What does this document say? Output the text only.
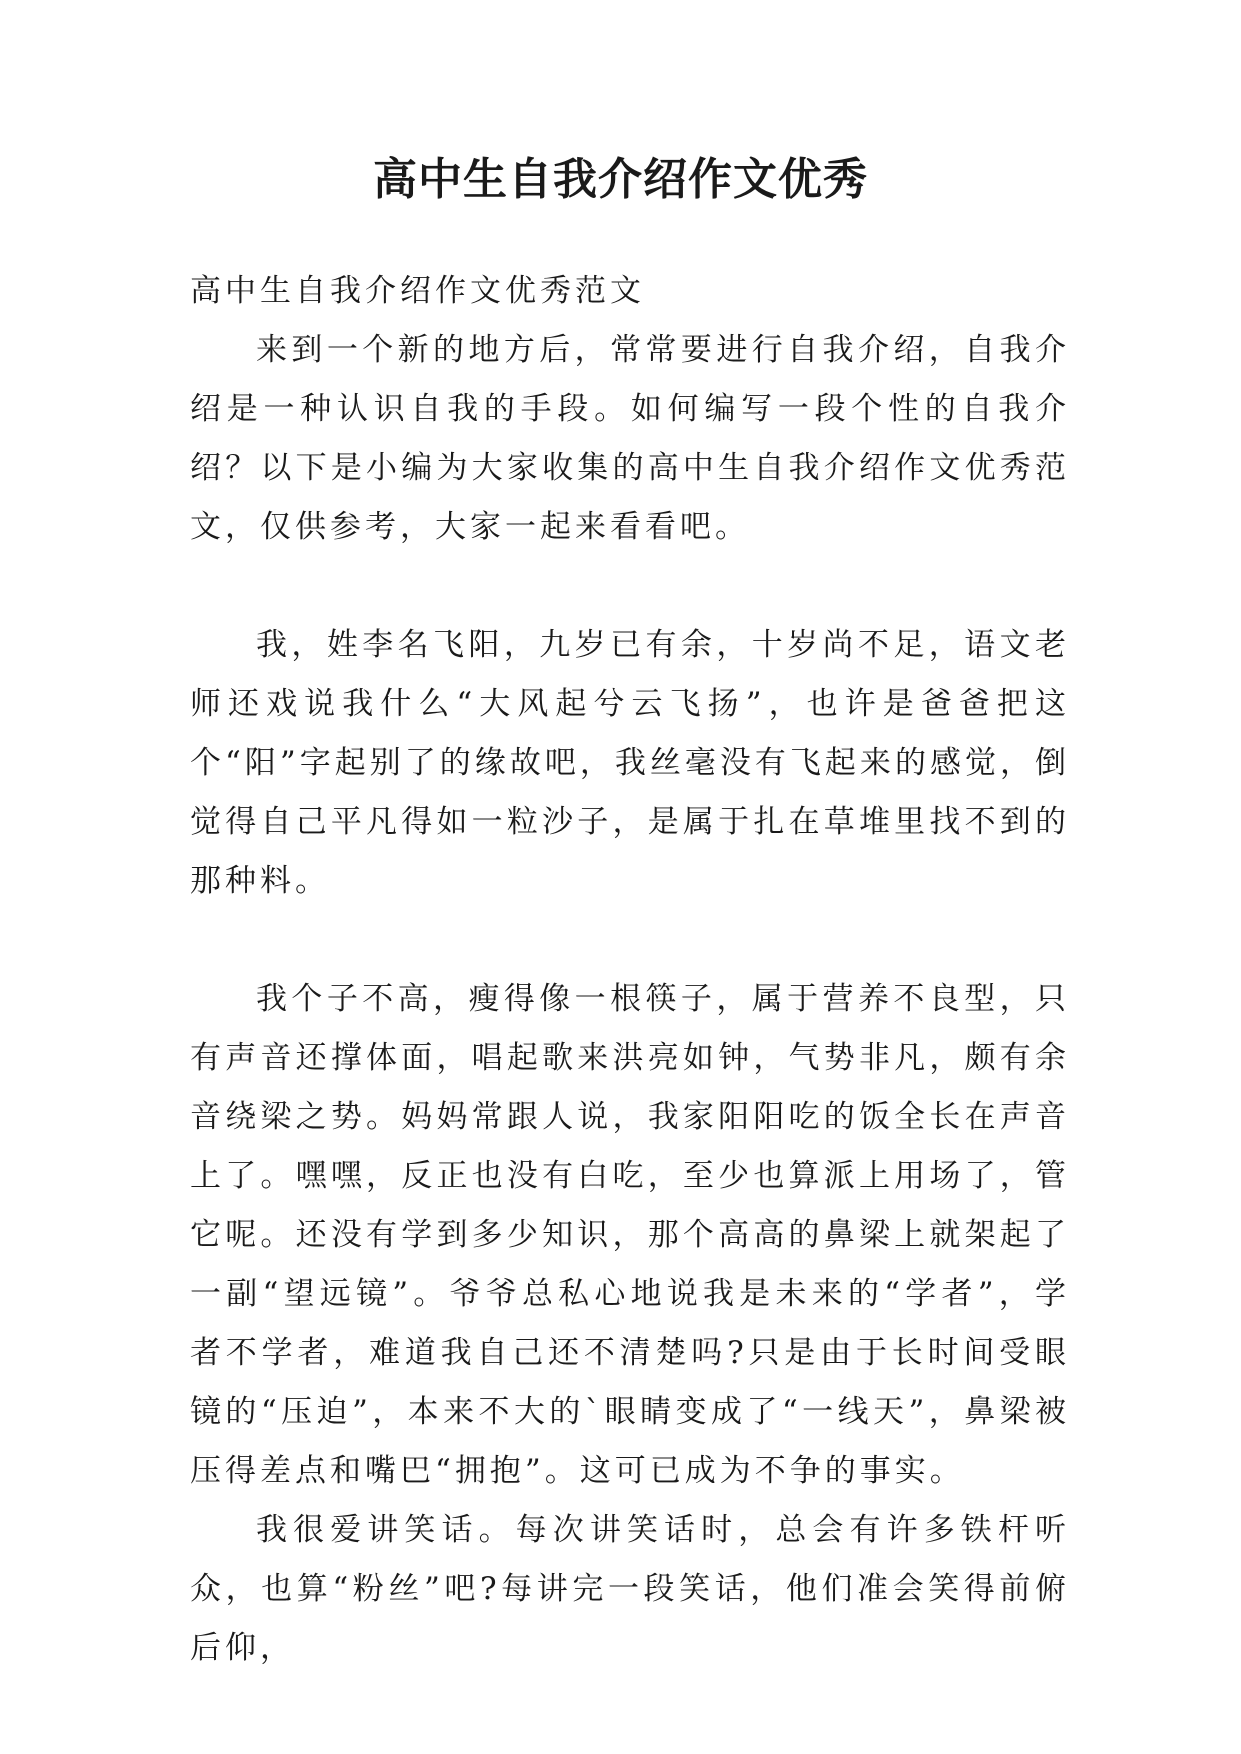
高中生自我介绍作文优秀

高中生自我介绍作文优秀范文

来到一个新的地方后，常常要进行自我介绍，自我介绍是一种认识自我的手段。如何编写一段个性的自我介绍？以下是小编为大家收集的高中生自我介绍作文优秀范文，仅供参考，大家一起来看看吧。

我，姓李名飞阳，九岁已有余，十岁尚不足，语文老师还戏说我什么“大风起兮云飞扬”，也许是爸爸把这个“阳”字起别了的缘故吧，我丝毫没有飞起来的感觉，倒觉得自己平凡得如一粒沙子，是属于扎在草堆里找不到的那种料。

我个子不高，瘦得像一根筷子，属于营养不良型，只有声音还撑体面，唱起歌来洪亮如钟，气势非凡，颇有余音绕梁之势。妈妈常跟人说，我家阳阳吃的饭全长在声音上了。嘿嘿，反正也没有白吃，至少也算派上用场了，管它呢。还没有学到多少知识，那个高高的鼻梁上就架起了一副“望远镜”。爷爷总私心地说我是未来的“学者”，学者不学者，难道我自己还不清楚吗?只是由于长时间受眼镜的“压迫”，本来不大的`眼睛变成了“一线天”，鼻梁被压得差点和嘴巴“拥抱”。这可已成为不争的事实。

我很爱讲笑话。每次讲笑话时，总会有许多铁杆听众，也算“粉丝”吧?每讲完一段笑话，他们准会笑得前俯后仰，
